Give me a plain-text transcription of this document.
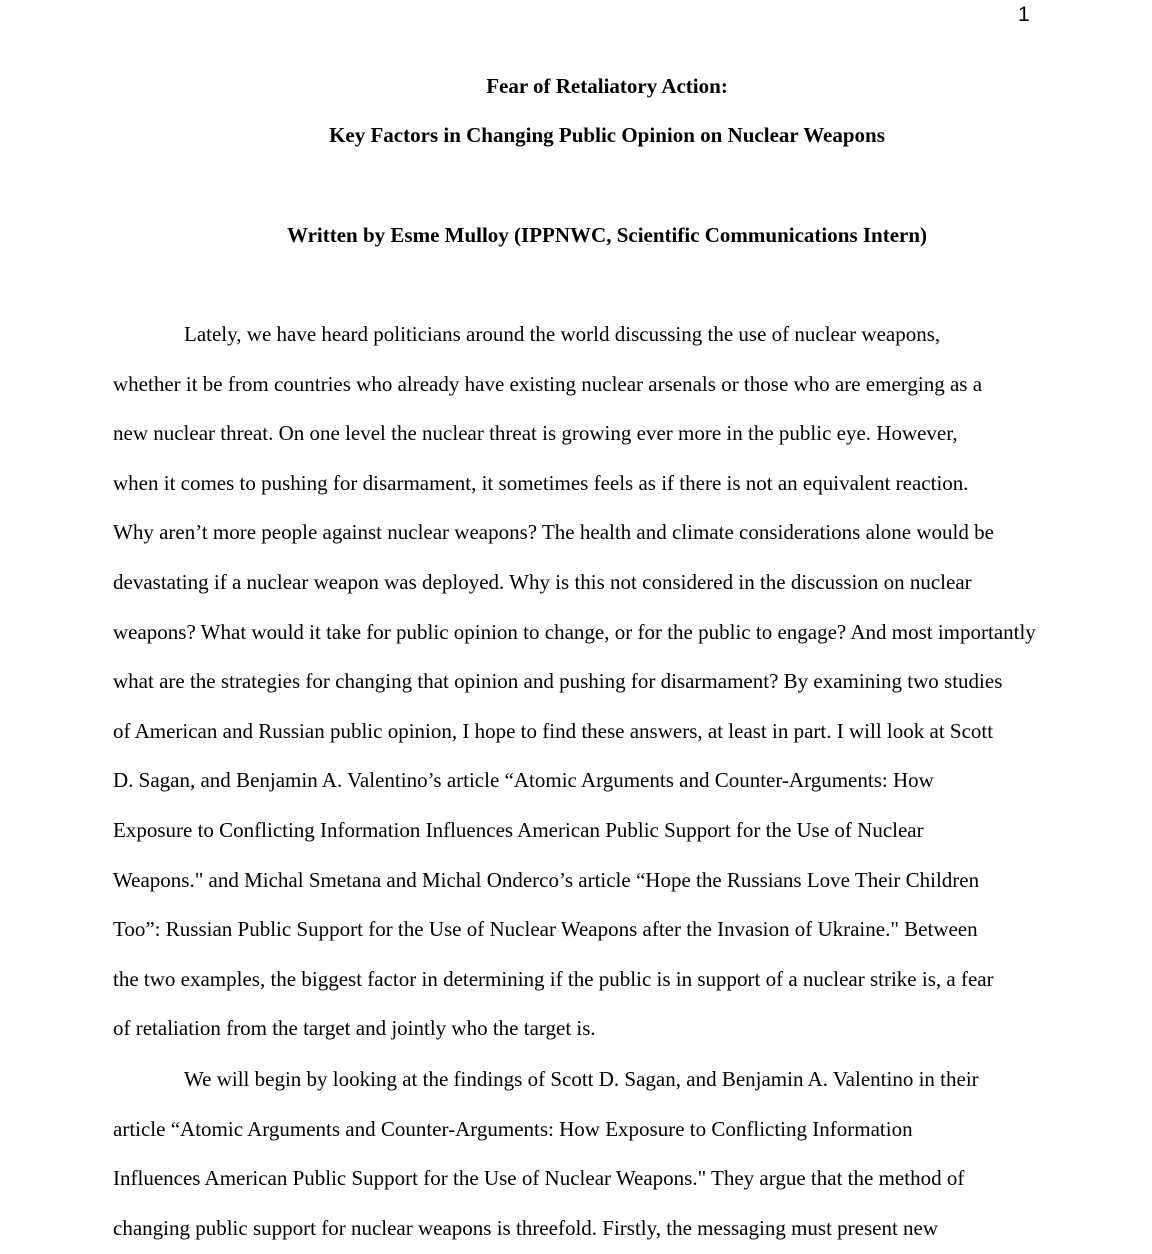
1
Fear of Retaliatory Action:
Key Factors in Changing Public Opinion on Nuclear Weapons
Written by Esme Mulloy (IPPNWC, Scientific Communications Intern)
Lately, we have heard politicians around the world discussing the use of nuclear weapons,
whether it be from countries who already have existing nuclear arsenals or those who are emerging as a
new nuclear threat. On one level the nuclear threat is growing ever more in the public eye. However,
when it comes to pushing for disarmament, it sometimes feels as if there is not an equivalent reaction.
Why aren’t more people against nuclear weapons? The health and climate considerations alone would be
devastating if a nuclear weapon was deployed. Why is this not considered in the discussion on nuclear
weapons? What would it take for public opinion to change, or for the public to engage? And most importantly
what are the strategies for changing that opinion and pushing for disarmament? By examining two studies
of American and Russian public opinion, I hope to find these answers, at least in part. I will look at Scott
D. Sagan, and Benjamin A. Valentino’s article “Atomic Arguments and Counter-Arguments: How
Exposure to Conflicting Information Influences American Public Support for the Use of Nuclear
Weapons." and Michal Smetana and Michal Onderco’s article “Hope the Russians Love Their Children
Too”: Russian Public Support for the Use of Nuclear Weapons after the Invasion of Ukraine." Between
the two examples, the biggest factor in determining if the public is in support of a nuclear strike is, a fear
of retaliation from the target and jointly who the target is.
We will begin by looking at the findings of Scott D. Sagan, and Benjamin A. Valentino in their
article “Atomic Arguments and Counter-Arguments: How Exposure to Conflicting Information
Influences American Public Support for the Use of Nuclear Weapons." They argue that the method of
changing public support for nuclear weapons is threefold. Firstly, the messaging must present new
